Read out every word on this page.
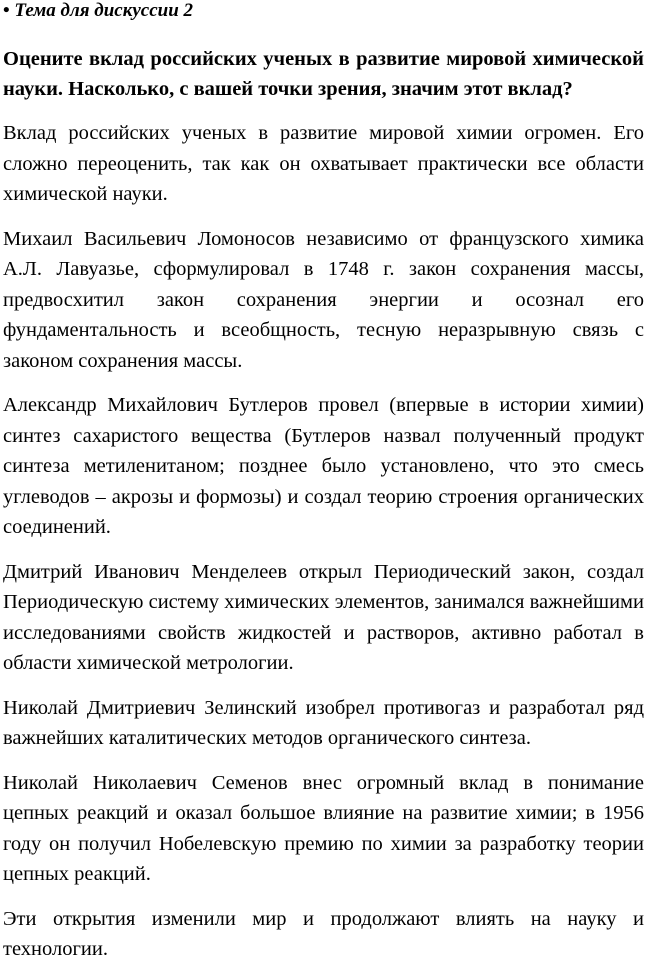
• Тема для дискуссии 2

Оцените вклад российских ученых в развитие мировой химической науки. Насколько, с вашей точки зрения, значим этот вклад?

Вклад российских ученых в развитие мировой химии огромен. Его сложно переоценить, так как он охватывает практически все области химической науки.

Михаил Васильевич Ломоносов независимо от французского химика А.Л. Лавуазье, сформулировал в 1748 г. закон сохранения массы, предвосхитил закон сохранения энергии и осознал его фундаментальность и всеобщность, тесную неразрывную связь с законом сохранения массы.

Александр Михайлович Бутлеров провел (впервые в истории химии) синтез сахаристого вещества (Бутлеров назвал полученный продукт синтеза метиленитаном; позднее было установлено, что это смесь углеводов – акрозы и формозы) и создал теорию строения органических соединений.

Дмитрий Иванович Менделеев открыл Периодический закон, создал Периодическую систему химических элементов, занимался важнейшими исследованиями свойств жидкостей и растворов, активно работал в области химической метрологии.

Николай Дмитриевич Зелинский изобрел противогаз и разработал ряд важнейших каталитических методов органического синтеза.

Николай Николаевич Семенов внес огромный вклад в понимание цепных реакций и оказал большое влияние на развитие химии; в 1956 году он получил Нобелевскую премию по химии за разработку теории цепных реакций.

Эти открытия изменили мир и продолжают влиять на науку и технологии.
